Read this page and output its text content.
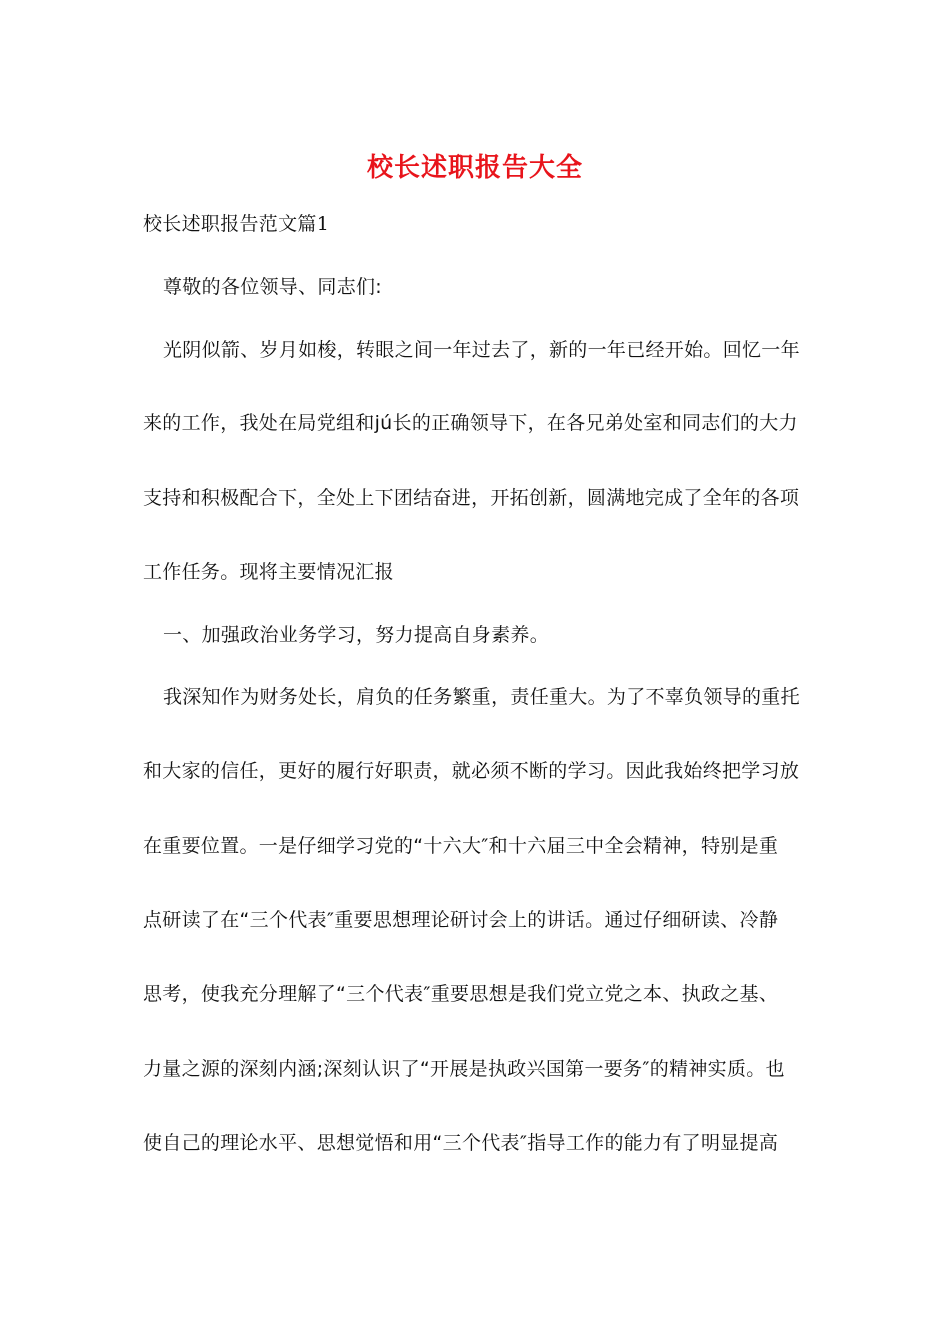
校长述职报告大全
校长述职报告范文篇1
尊敬的各位领导、同志们:
光阴似箭、岁月如梭，转眼之间一年过去了，新的一年已经开始。回忆一年
来的工作，我处在局党组和jú长的正确领导下，在各兄弟处室和同志们的大力
支持和积极配合下，全处上下团结奋进，开拓创新，圆满地完成了全年的各项
工作任务。现将主要情况汇报
一、加强政治业务学习，努力提高自身素养。
我深知作为财务处长，肩负的任务繁重，责任重大。为了不辜负领导的重托
和大家的信任，更好的履行好职责，就必须不断的学习。因此我始终把学习放
在重要位置。一是仔细学习党的“十六大″和十六届三中全会精神，特别是重
点研读了在“三个代表″重要思想理论研讨会上的讲话。通过仔细研读、冷静
思考，使我充分理解了“三个代表″重要思想是我们党立党之本、执政之基、
力量之源的深刻内涵;深刻认识了“开展是执政兴国第一要务″的精神实质。也
使自己的理论水平、思想觉悟和用“三个代表″指导工作的能力有了明显提高
